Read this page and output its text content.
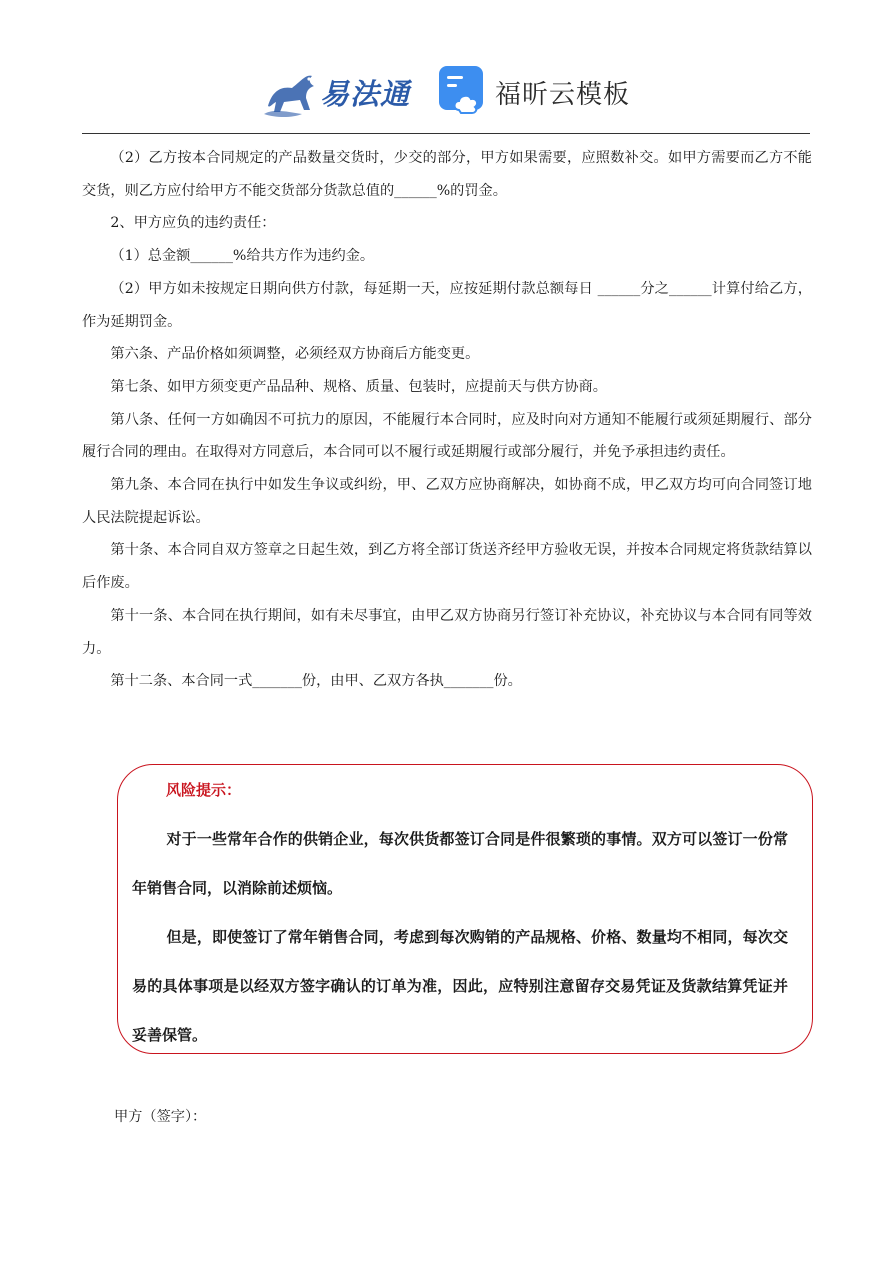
易法通	福昕云模板

（2）乙方按本合同规定的产品数量交货时，少交的部分，甲方如果需要，应照数补交。如甲方需要而乙方不能交货，则乙方应付给甲方不能交货部分货款总值的______%的罚金。

2、甲方应负的违约责任：

（1）总金额______%给共方作为违约金。

（2）甲方如未按规定日期向供方付款，每延期一天，应按延期付款总额每日 ______分之______计算付给乙方，作为延期罚金。

第六条、产品价格如须调整，必须经双方协商后方能变更。

第七条、如甲方须变更产品品种、规格、质量、包装时，应提前天与供方协商。

第八条、任何一方如确因不可抗力的原因，不能履行本合同时，应及时向对方通知不能履行或须延期履行、部分履行合同的理由。在取得对方同意后，本合同可以不履行或延期履行或部分履行，并免予承担违约责任。

第九条、本合同在执行中如发生争议或纠纷，甲、乙双方应协商解决，如协商不成，甲乙双方均可向合同签订地人民法院提起诉讼。

第十条、本合同自双方签章之日起生效，到乙方将全部订货送齐经甲方验收无误，并按本合同规定将货款结算以后作废。

第十一条、本合同在执行期间，如有未尽事宜，由甲乙双方协商另行签订补充协议，补充协议与本合同有同等效力。

第十二条、本合同一式_______份，由甲、乙双方各执_______份。

风险提示：

对于一些常年合作的供销企业，每次供货都签订合同是件很繁琐的事情。双方可以签订一份常年销售合同，以消除前述烦恼。

但是，即使签订了常年销售合同，考虑到每次购销的产品规格、价格、数量均不相同，每次交易的具体事项是以经双方签字确认的订单为准，因此，应特别注意留存交易凭证及货款结算凭证并妥善保管。

甲方（签字）：
